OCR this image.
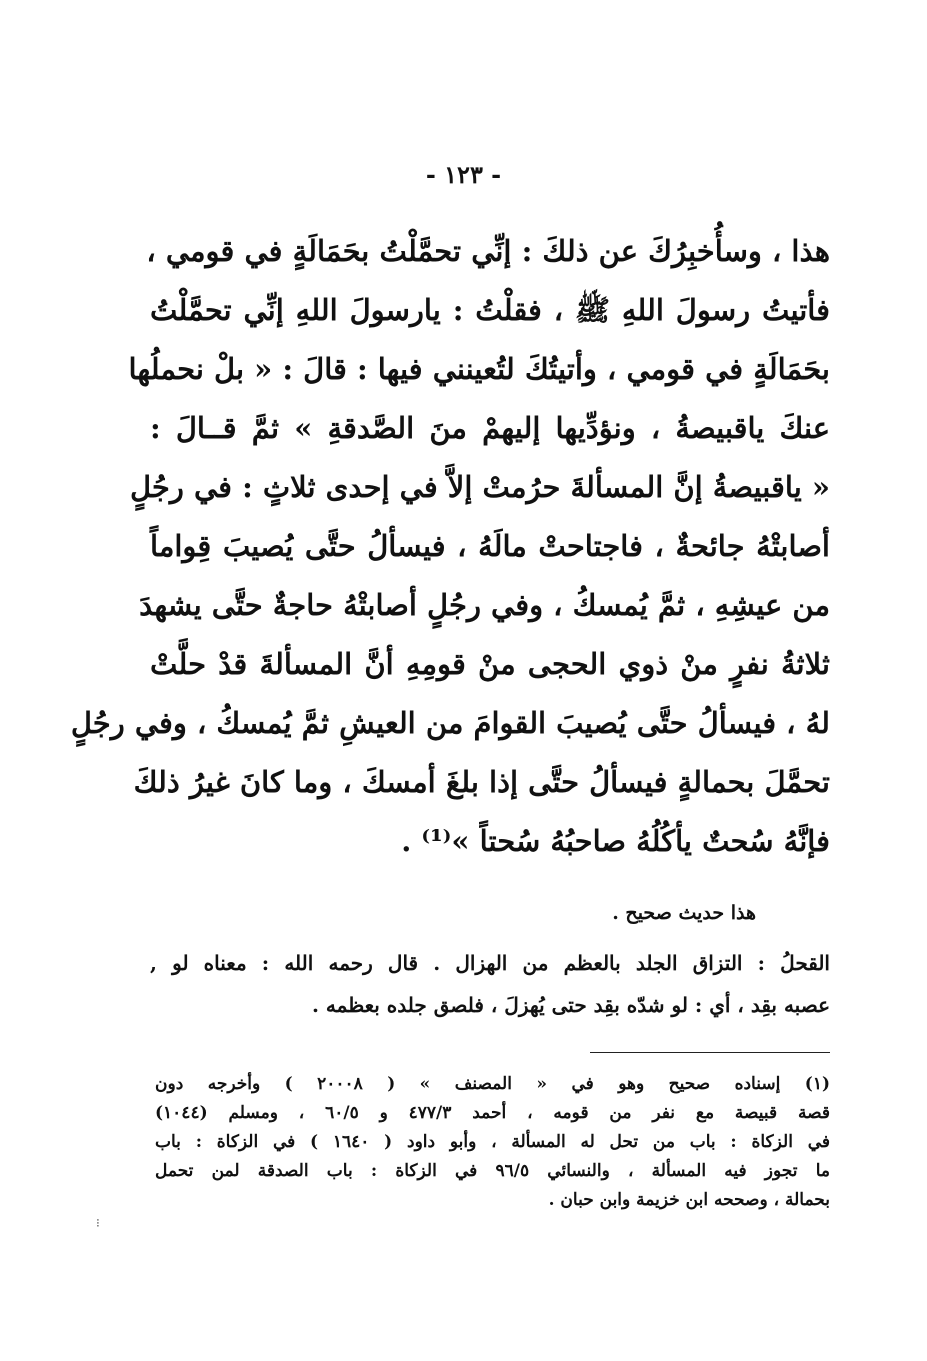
- ١٢٣ -
هذا ، وسأُخبِرُكَ عن ذلكَ : إنِّي تحمَّلْتُ بحَمَالَةٍ في قومي ،
فأتيتُ رسولَ اللهِ ﷺ ، فقلْتُ : يارسولَ اللهِ إنِّي تحمَّلْتُ
بحَمَالَةٍ في قومي ، وأتيتُكَ لتُعينني فيها : قالَ : « بلْ نحملُها
عنكَ ياقبيصةُ ، ونؤدِّيها إليهمْ منَ الصَّدقةِ » ثمَّ قــالَ :
« ياقبيصةُ إنَّ المسألةَ حرُمتْ إلاَّ في إحدى ثلاثٍ : في رجُلٍ
أصابتْهُ جائحةٌ ، فاجتاحتْ مالَهُ ، فيسألُ حتَّى يُصيبَ قِواماً
من عيشِهِ ، ثمَّ يُمسكُ ، وفي رجُلٍ أصابتْهُ حاجةٌ حتَّى يشهدَ
ثلاثةُ نفرٍ منْ ذوي الحجى منْ قومِهِ أنَّ المسألةَ قدْ حلَّتْ
لهُ ، فيسألُ حتَّى يُصيبَ القوامَ من العيشِ ثمَّ يُمسكُ ، وفي رجُلٍ
تحمَّلَ بحمالةٍ فيسألُ حتَّى إذا بلغَ أمسكَ ، وما كانَ غيرُ ذلكَ
فإنَّهُ سُحتٌ يأكُلُهُ صاحبُهُ سُحتاً »⁽¹⁾ .
هذا حديث صحيح .
القحلُ : التزاق الجلد بالعظم من الهزال . قال رحمه الله : معناه لو ,
عصبه بقِد ، أي : لو شدّه بقِد حتى يُهزلَ ، فلصق جلده بعظمه .
(١) إسناده صحيح وهو في « المصنف » ( ٢٠٠٠٨ ) وأخرجه دون
قصة قبيصة مع نفر من قومه ، أحمد ٤٧٧/٣ و ٦٠/٥ ، ومسلم (١٠٤٤)
في الزكاة : باب من تحل له المسألة ، وأبو داود ( ١٦٤٠ ) في الزكاة : باب
ما تجوز فيه المسألة ، والنسائي ٩٦/٥ في الزكاة : باب الصدقة لمن تحمل
بحمالة ، وصححه ابن خزيمة وابن حبان .
⁝
